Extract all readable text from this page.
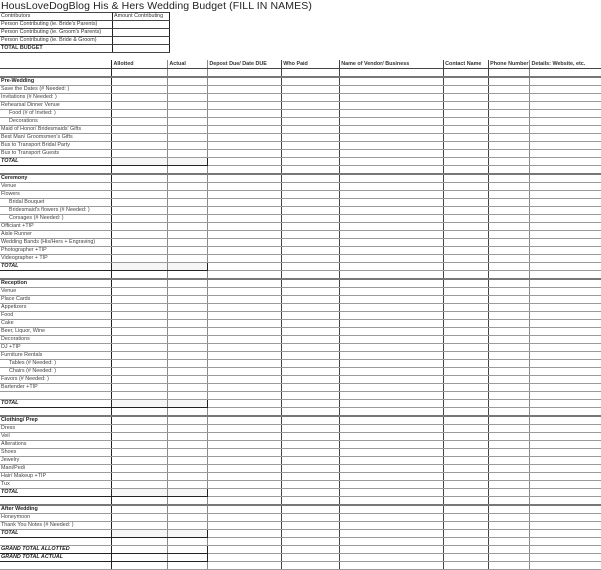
HousLoveDogBlog His & Hers Wedding Budget (FILL IN NAMES)
Contributors	Amount Contributing
Person Contributing (ie. Bride's Parents)	
Person Contributing (ie. Groom's Parents)	
Person Contributing (ie. Bride & Groom)	
TOTAL BUDGET	
	Allotted	Actual	Depost Due/ Date DUE	Who Paid	Name of Vendor/ Business	Contact Name	Phone Number	Details: Website, etc.

Pre-Wedding								
Save the Dates (# Needed: )								
Invitations (# Needed: )								
Rehearsal Dinner Venue								
Food (# of Invited: )								
Decorations								
Maid of Honor/ Bridesmaids' Gifts								
Best Man/ Groomsmen's Gifts								
Bus to Transport Bridal Party								
Bus to Transport Guests								
TOTAL								

Ceremony								
Venue								
Flowers								
Bridal Bouquet								
Bridesmaid's flowers (# Needed: )								
Corsages (# Needed: )								
Officiant +TIP								
Aisle Runner								
Wedding Bands (His/Hers + Engraving)								
Photographer +TIP								
Videographer + TIP								
TOTAL								

Reception								
Venue								
Place Cards								
Appetizers								
Food								
Cake								
Beer, Liquor, Wine								
Decorations								
DJ +TIP								
Furniture Rentals								
Tables (# Needed: )								
Chairs (# Needed: )								
Favors (# Needed: )								
Bartender +TIP								

TOTAL								

Clothing/ Prep								
Dress								
Veil								
Alterations								
Shoes								
Jewelry								
Mani/Pedi								
Hair/ Makeup +TIP								
Tux								
TOTAL								

After Wedding								
Honeymoon								
Thank You Notes (# Needed: )								
TOTAL								

GRAND TOTAL ALLOTTED								
GRAND TOTAL ACTUAL								
